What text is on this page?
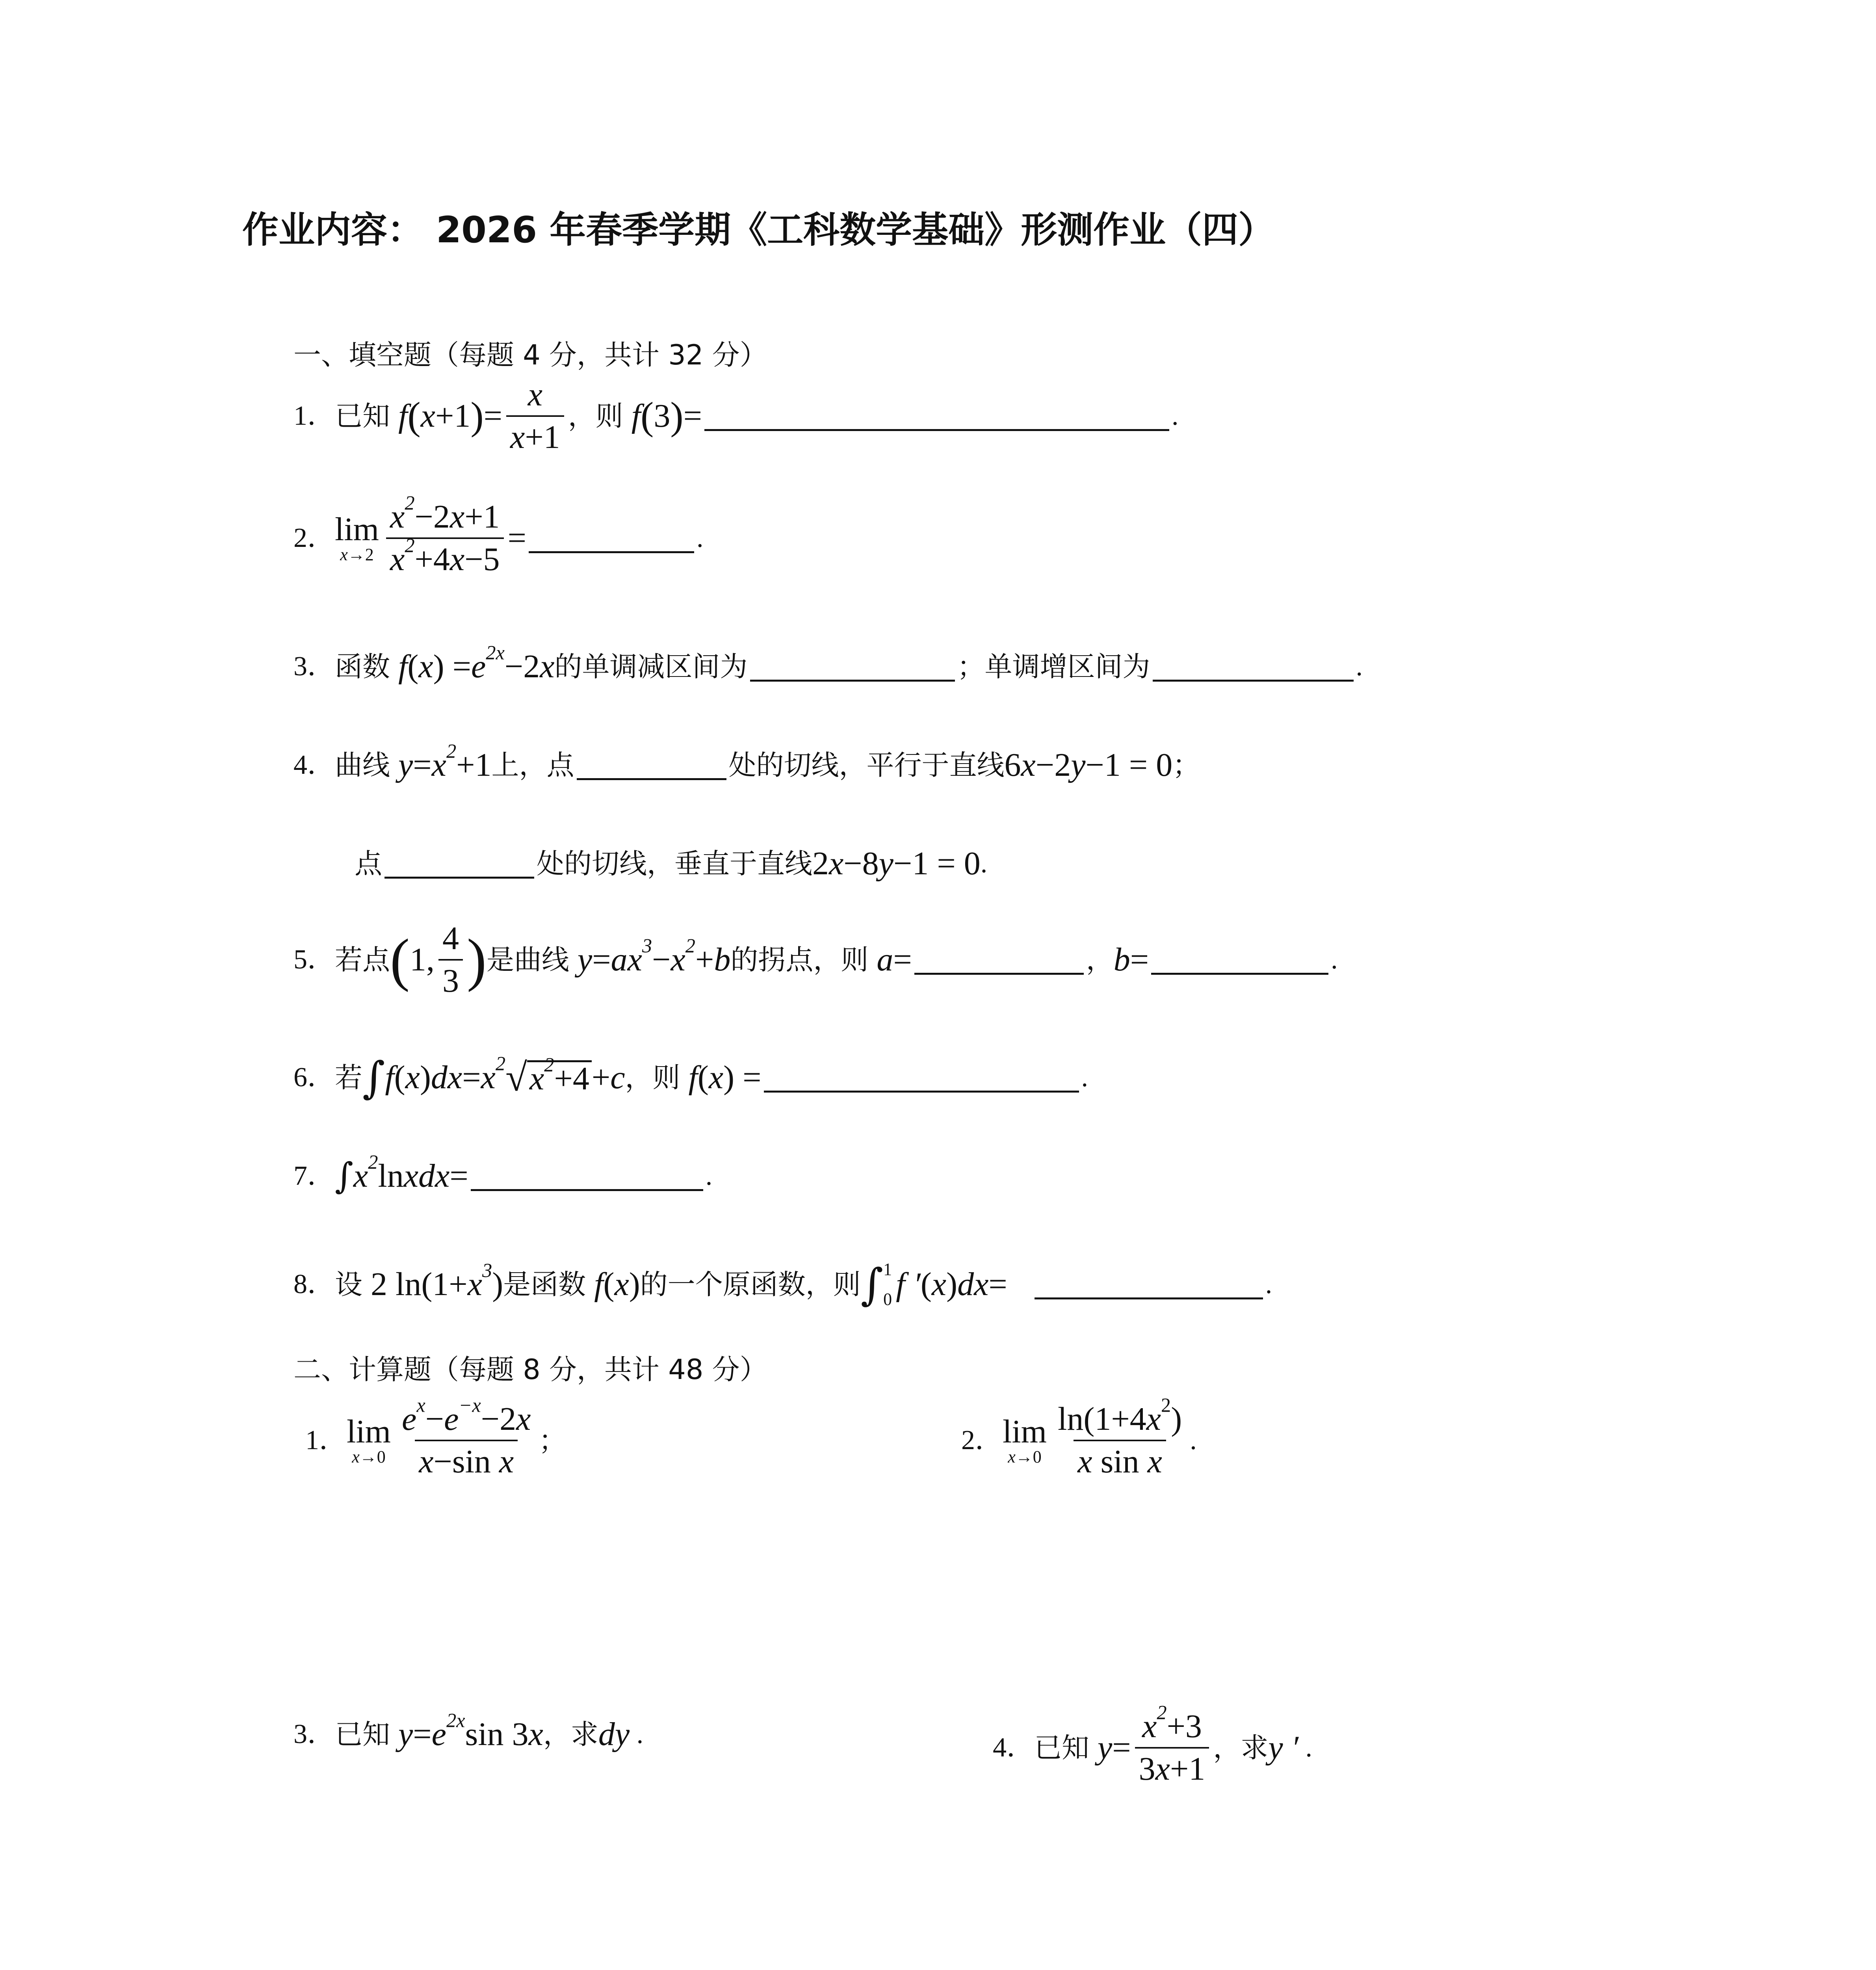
作业内容： 2026 年春季学期《工科数学基础》形测作业（四）
一、填空题（每题 4 分，共计 32 分）
1． 已知 f ( x +1 ) = $\frac{x}{x+1}$ ，则 f ( 3 ) =	.
2． lim
$x\to 2 \frac{x^2-2x+1}{x^2+4x-5}$ =	.
3． 函数 f ( x ) = $e^{2x} -2$ x 的单调减区间为	；单调增区间为	.
4． 曲线 $y = x^2 +1$ 上，点	处的切线，平行于直线 6 x −2 y −1 = 0 ；
点	处的切线，垂直于直线 2 x −8 y −1 = 0 .
5． 若点 ( 1, $\frac{4}{3}$ ) 是曲线 $y = ax^3 - x^2 + b$ 的拐点，则 a =	， b =	.
6． 若 ∫ f ( x ) dx = $x^2$ √ $x^2+4 + c$ ，则 f ( x ) =	.
7． ∫ $x^2$ ln xdx =	.
8． 设 2 $\ln(1+ x^3$ ) 是函数 f ( x ) 的一个原函数，则 ∫ 1
0 f ′ ( x ) dx =	.
二、计算题（每题 8 分，共计 48 分）
1． lim
$x\to 0 \frac{e^x-e^{-x}-2x}{\text{x−sin x}}$ ；	2． lim
$x\to 0 \frac{\ln(1+4x^2)}{\text{x sin x}}$ .
3． 已知 $y = e^{2x}$ sin 3 x ，求 dy .	4． 已知 $y = \frac{x^2+3}{3x+1}$ ，求 y ′ .
